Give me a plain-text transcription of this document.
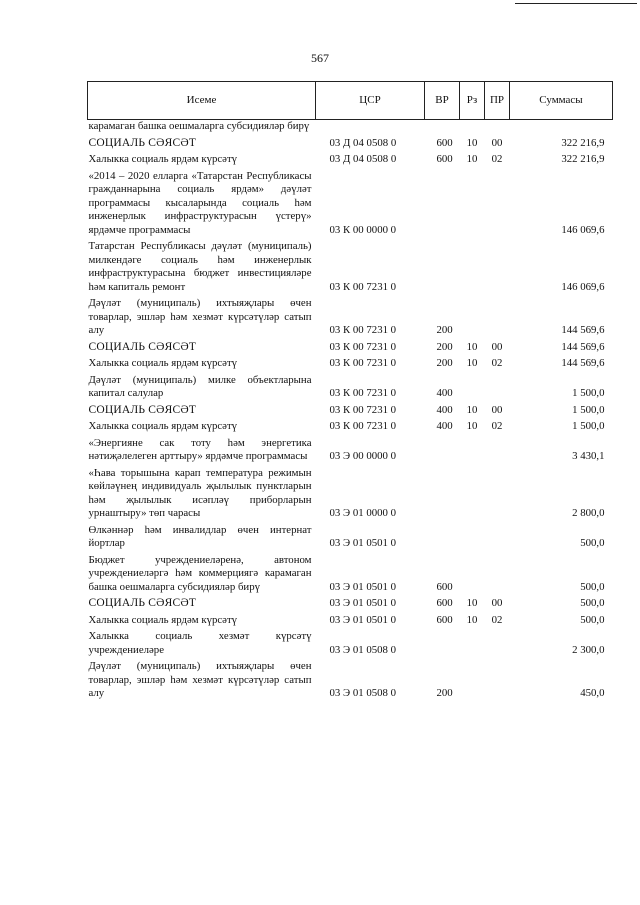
567
Исеме	ЦСР	ВР	Рз	ПР	Суммасы

карамаган башка оешмаларга субсидияләр бирү					

СОЦИАЛЬ СӘЯСӘТ	03 Д 04 0508 0	600	10	00	322 216,9

Халыкка социаль ярдәм күрсәтү	03 Д 04 0508 0	600	10	02	322 216,9

«2014 – 2020 елларга «Татарстан Республикасы гражданнарына социаль ярдәм» дәүләт программасы кысаларында социаль һәм инженерлык инфраструктурасын үстерү» ярдәмче программасы	03 К 00 0000 0				146 069,6

Татарстан Республикасы дәүләт (муниципаль) милкендәге социаль һәм инженерлык инфраструктурасына бюджет инвестицияләре һәм капиталь ремонт	03 К 00 7231 0				146 069,6

Дәүләт (муниципаль) ихтыяҗлары өчен товарлар, эшләр һәм хезмәт күрсәтүләр сатып алу	03 К 00 7231 0	200			144 569,6

СОЦИАЛЬ СӘЯСӘТ	03 К 00 7231 0	200	10	00	144 569,6

Халыкка социаль ярдәм күрсәтү	03 К 00 7231 0	200	10	02	144 569,6

Дәүләт (муниципаль) милке объектларына капитал салулар	03 К 00 7231 0	400			1 500,0

СОЦИАЛЬ СӘЯСӘТ	03 К 00 7231 0	400	10	00	1 500,0

Халыкка социаль ярдәм күрсәтү	03 К 00 7231 0	400	10	02	1 500,0

«Энергияне сак тоту һәм энергетика нәтиҗәлелеген арттыру» ярдәмче программасы	03 Э 00 0000 0				3 430,1

«Һава торышына карап температура режимын көйләүнең индивидуаль җылылык пунктларын һәм җылылык исәпләү приборларын урнаштыру» төп чарасы	03 Э 01 0000 0				2 800,0

Өлкәннәр һәм инвалидлар өчен интернат йортлар	03 Э 01 0501 0				500,0

Бюджет учреждениеләренә, автоном учреждениеләргә һәм коммерциягә карамаган башка оешмаларга субсидияләр бирү	03 Э 01 0501 0	600			500,0

СОЦИАЛЬ СӘЯСӘТ	03 Э 01 0501 0	600	10	00	500,0

Халыкка социаль ярдәм күрсәтү	03 Э 01 0501 0	600	10	02	500,0

Халыкка социаль хезмәт күрсәтү учреждениеләре	03 Э 01 0508 0				2 300,0

Дәүләт (муниципаль) ихтыяҗлары өчен товарлар, эшләр һәм хезмәт күрсәтүләр сатып алу	03 Э 01 0508 0	200			450,0
